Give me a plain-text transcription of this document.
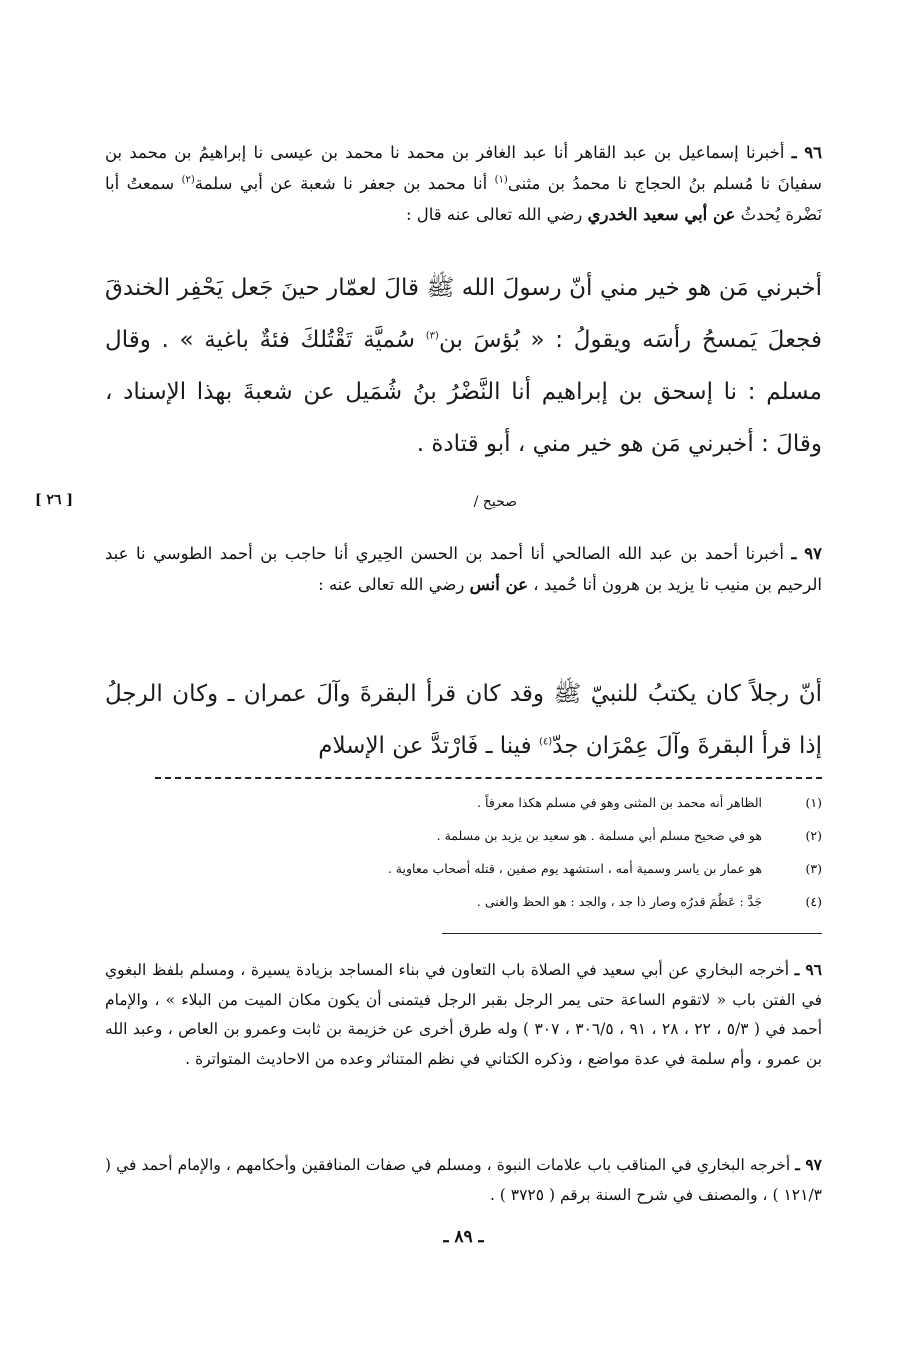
٩٦ ـ أخبرنا إسماعيل بن عبد القاهر أنا عبد الغافر بن محمد نا محمد بن عيسى نا إبراهيمُ بن محمد بن سفيانَ نا مُسلم بنُ الحجاج نا محمدُ بن مثنى$^{(١)}$ أنا محمد بن جعفر نا شعبة عن أبي سلمة$^{(٢)}$ سمعتُ أبا نَضْرة يُحدثُ عن أبي سعيد الخدري رضي الله تعالى عنه قال :
أخبرني مَن هو خير مني أنّ رسولَ الله ﷺ قالَ لعمّار حينَ جَعل يَحْفِر الخندقَ فجعلَ يَمسحُ رأسَه ويقولُ : « بُؤسَ بن$^{(٣)}$ سُميَّة تَقْتُلكَ فئةٌ باغية » . وقال مسلم : نا إسحق بن إبراهيم أنا النَّضْرُ بنُ شُمَيل عن شعبةَ بهذا الإسناد ، وقالَ : أخبرني مَن هو خير مني ، أبو قتادة .
صحيح /
[ ٢٦ ]
٩٧ ـ أخبرنا أحمد بن عبد الله الصالحي أنا أحمد بن الحسن الحِيري أنا حاجب بن أحمد الطوسي نا عبد الرحيم بن منيب نا يزيد بن هرون أنا حُميد ، عن أنس رضي الله تعالى عنه :
أنّ رجلاً كان يكتبُ للنبيّ ﷺ وقد كان قرأ البقرةَ وآلَ عمران ـ وكان الرجلُ إذا قرأ البقرةَ وآلَ عِمْرَان جدّ$^{(٤)}$ فينا ـ فَارْتدَّ عن الإسلام
(١)
الظاهر أنه محمد بن المثنى وهو في مسلم هكذا معرفاً .
(٢)
هو في صحيح مسلم أبي مسلمة . هو سعيد بن يزيد بن مسلمة .
(٣)
هو عمار بن ياسر وسمية أمه ، استشهد يوم صفين ، قتله أصحاب معاوية .
(٤)
جَدَّ : عَظُمَ قدرُه وصار ذا جد ، والجد : هو الحظ والغنى .
٩٦ ـ أخرجه البخاري عن أبي سعيد في الصلاة باب التعاون في بناء المساجد بزيادة يسيرة ، ومسلم بلفظ البغوي في الفتن باب « لاتقوم الساعة حتى يمر الرجل بقبر الرجل فيتمنى أن يكون مكان الميت من البلاء » ، والإمام أحمد في ( ٥/٣ ، ٢٢ ، ٢٨ ، ٩١ ، ٣٠٦/٥ ، ٣٠٧ ) وله طرق أخرى عن خزيمة بن ثابت وعمرو بن العاص ، وعبد الله بن عمرو ، وأم سلمة في عدة مواضع ، وذكره الكتاني في نظم المتناثر وعده من الاحاديث المتواترة .
٩٧ ـ أخرجه البخاري في المناقب باب علامات النبوة ، ومسلم في صفات المنافقين وأحكامهم ، والإمام أحمد في ( ١٢١/٣ ) ، والمصنف في شرح السنة برقم ( ٣٧٢٥ ) .
ـ ٨٩ ـ
